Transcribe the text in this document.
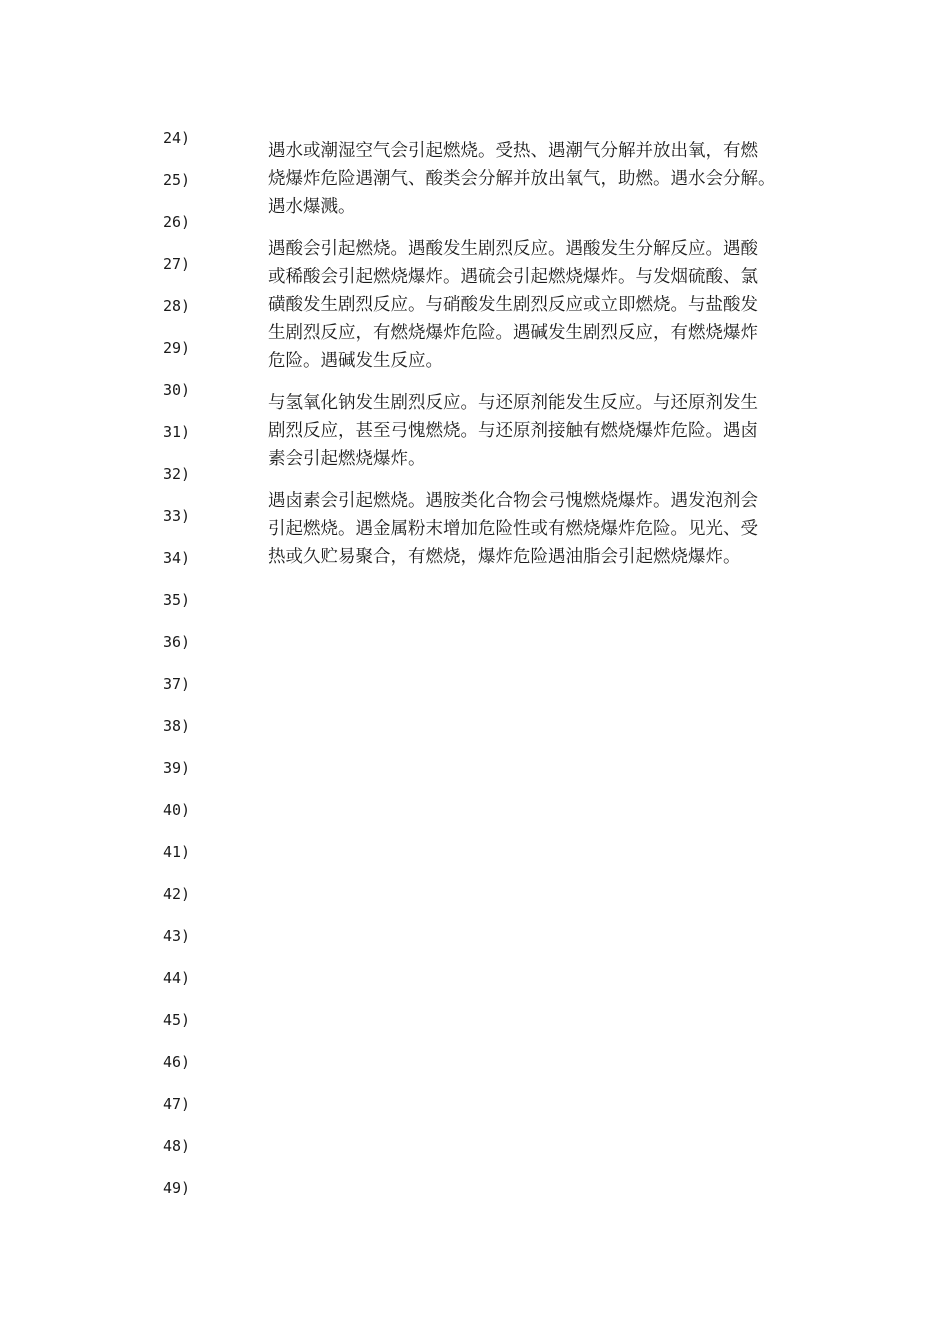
24)
25)
26)
27)
28)
29)
30)
31)
32)
33)
34)
35)
36)
37)
38)
39)
40)
41)
42)
43)
44)
45)
46)
47)
48)
49)

遇水或潮湿空气会引起燃烧。受热、遇潮气分解并放出氧，有燃
烧爆炸危险遇潮气、酸类会分解并放出氧气，助燃。遇水会分解。
遇水爆溅。

遇酸会引起燃烧。遇酸发生剧烈反应。遇酸发生分解反应。遇酸
或稀酸会引起燃烧爆炸。遇硫会引起燃烧爆炸。与发烟硫酸、氯
磺酸发生剧烈反应。与硝酸发生剧烈反应或立即燃烧。与盐酸发
生剧烈反应，有燃烧爆炸危险。遇碱发生剧烈反应，有燃烧爆炸
危险。遇碱发生反应。

与氢氧化钠发生剧烈反应。与还原剂能发生反应。与还原剂发生
剧烈反应，甚至弓愧燃烧。与还原剂接触有燃烧爆炸危险。遇卤
素会引起燃烧爆炸。

遇卤素会引起燃烧。遇胺类化合物会弓愧燃烧爆炸。遇发泡剂会
引起燃烧。遇金属粉末增加危险性或有燃烧爆炸危险。见光、受
热或久贮易聚合，有燃烧，爆炸危险遇油脂会引起燃烧爆炸。
